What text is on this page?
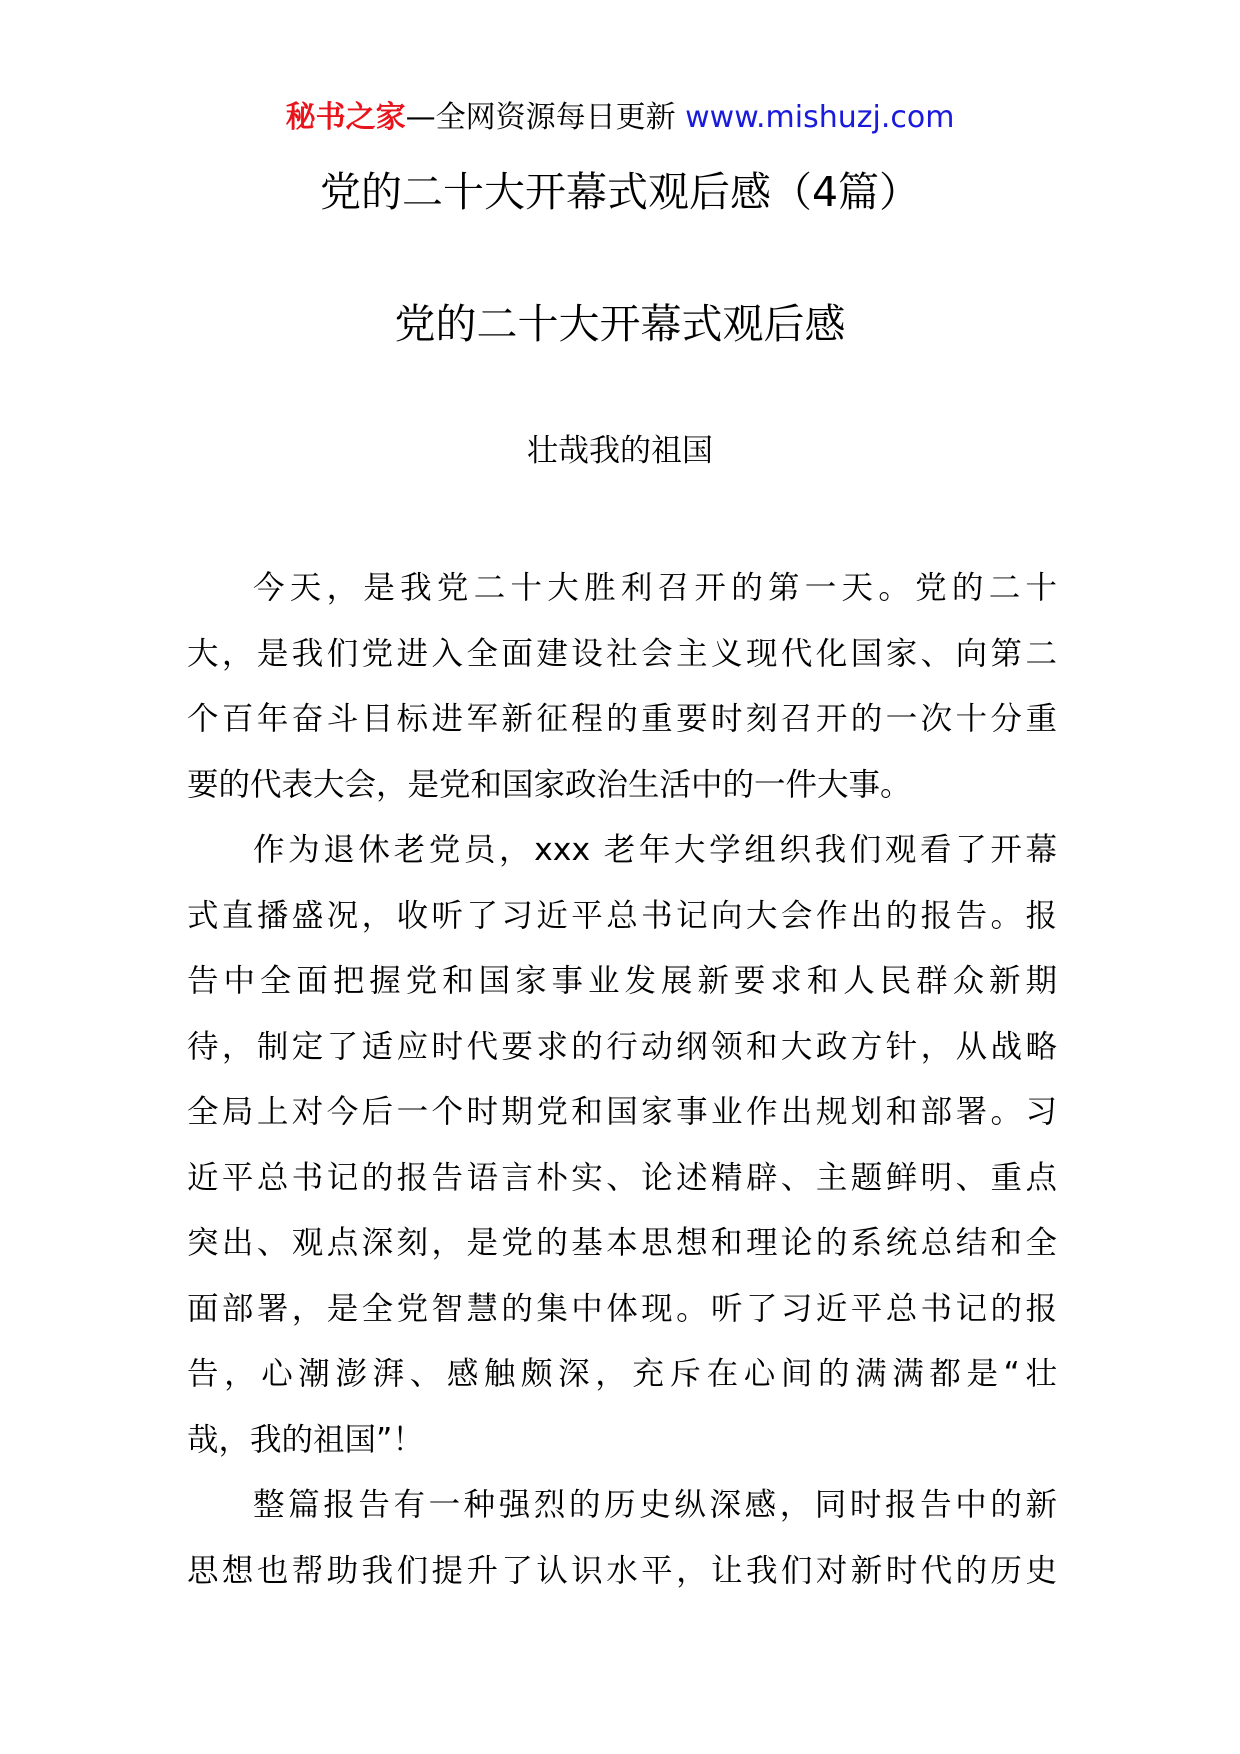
秘书之家—全网资源每日更新 www.mishuzj.com
党的二十大开幕式观后感（4篇）
党的二十大开幕式观后感
壮哉我的祖国
今天，是我党二十大胜利召开的第一天。党的二十
大，是我们党进入全面建设社会主义现代化国家、向第二
个百年奋斗目标进军新征程的重要时刻召开的一次十分重
要的代表大会，是党和国家政治生活中的一件大事。
作为退休老党员，xxx 老年大学组织我们观看了开幕
式直播盛况，收听了习近平总书记向大会作出的报告。报
告中全面把握党和国家事业发展新要求和人民群众新期
待，制定了适应时代要求的行动纲领和大政方针，从战略
全局上对今后一个时期党和国家事业作出规划和部署。习
近平总书记的报告语言朴实、论述精辟、主题鲜明、重点
突出、观点深刻，是党的基本思想和理论的系统总结和全
面部署，是全党智慧的集中体现。听了习近平总书记的报
告，心潮澎湃、感触颇深，充斥在心间的满满都是“壮
哉，我的祖国”！
整篇报告有一种强烈的历史纵深感，同时报告中的新
思想也帮助我们提升了认识水平，让我们对新时代的历史
